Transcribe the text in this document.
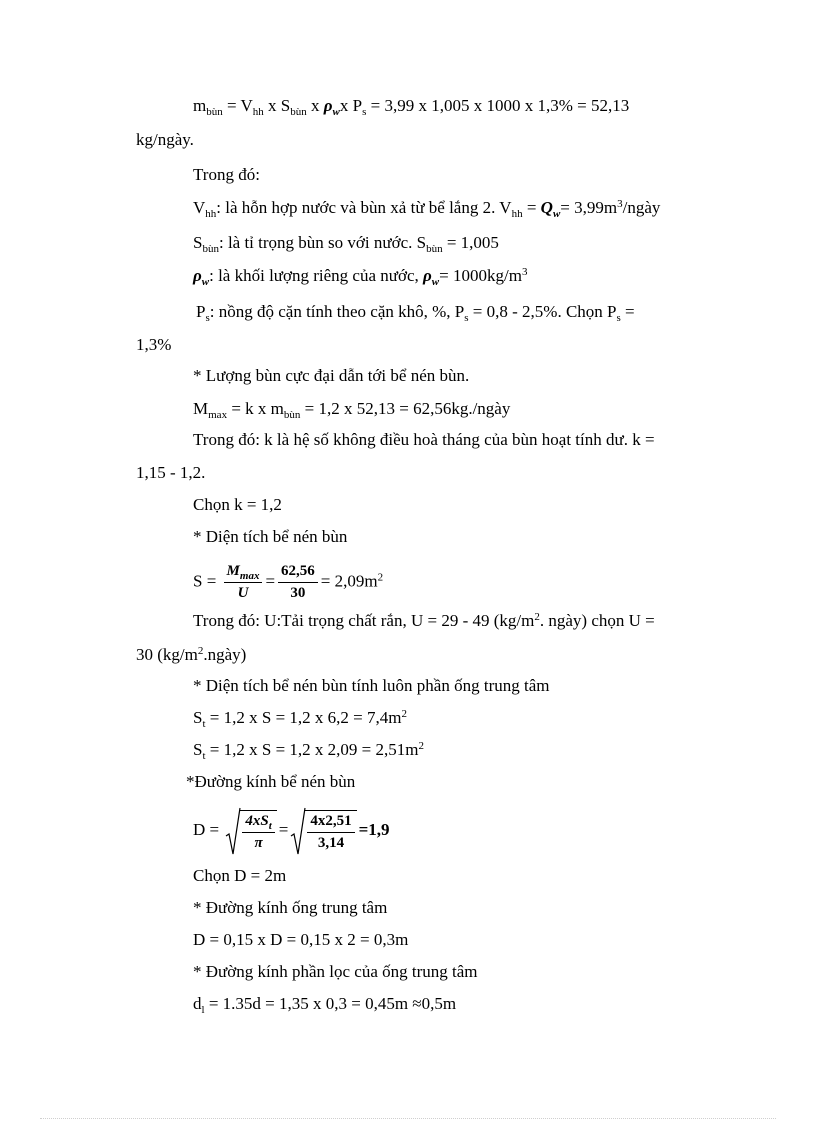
$m_{bùn} = V_{hh}$ x $S_{bùn}$ x $\rho_wx$ $P_s = 3,99$ x 1,005 x 1000 x 1,3% = 52,13
kg/ngày.
Trong đó:
$V_{hh}$: là hỗn hợp nước và bùn xả từ bể lắng 2. $V_{hh} = Q_w=$ $3,99m^3$/ngày
$S_{bùn}$: là tỉ trọng bùn so với nước. $S_{bùn} = 1,005$
$\rho_w$: là khối lượng riêng của nước, $\rho_w= 1000kg/m^3$
$P_s$: nồng độ cặn tính theo cặn khô, %, $P_s = 0,8 - 2,5\%$. Chọn $P_s$ =
1,3%
* Lượng bùn cực đại dẫn tới bể nén bùn.
$M_{max} = k$ x $m_{bùn} = 1,2$ x 52,13 = 62,56kg./ngày
Trong đó: k là hệ số không điều hoà tháng của bùn hoạt tính dư. k =
1,15 - 1,2.
Chọn k = 1,2
* Diện tích bể nén bùn
$S = \frac{M_{max}}{U} = \frac{62,56}{30} = 2,09m^2$
Trong đó: U:Tải trọng chất rắn, U = 29 - 49 ($kg/m^2$. ngày) chọn U =
30 $(kg/m^2.ngày)$
* Diện tích bể nén bùn tính luôn phần ống trung tâm
$S_t = 1,2$ x S = 1,2 x $6,2 = 7,4m^2$
$S_t = 1,2$ x S = 1,2 x $2,09 = 2,51m^2$
*Đường kính bể nén bùn
$D = \frac{4xS_t}{\pi} = \frac{4x2,51}{3,14} =1,9$
Chọn D = 2m
* Đường kính ống trung tâm
D = 0,15 x D = 0,15 x 2 = 0,3m
* Đường kính phần lọc của ống trung tâm
$d_l = 1.35d = 1,35$ x 0,3 = 0,45m ≈0,5m
